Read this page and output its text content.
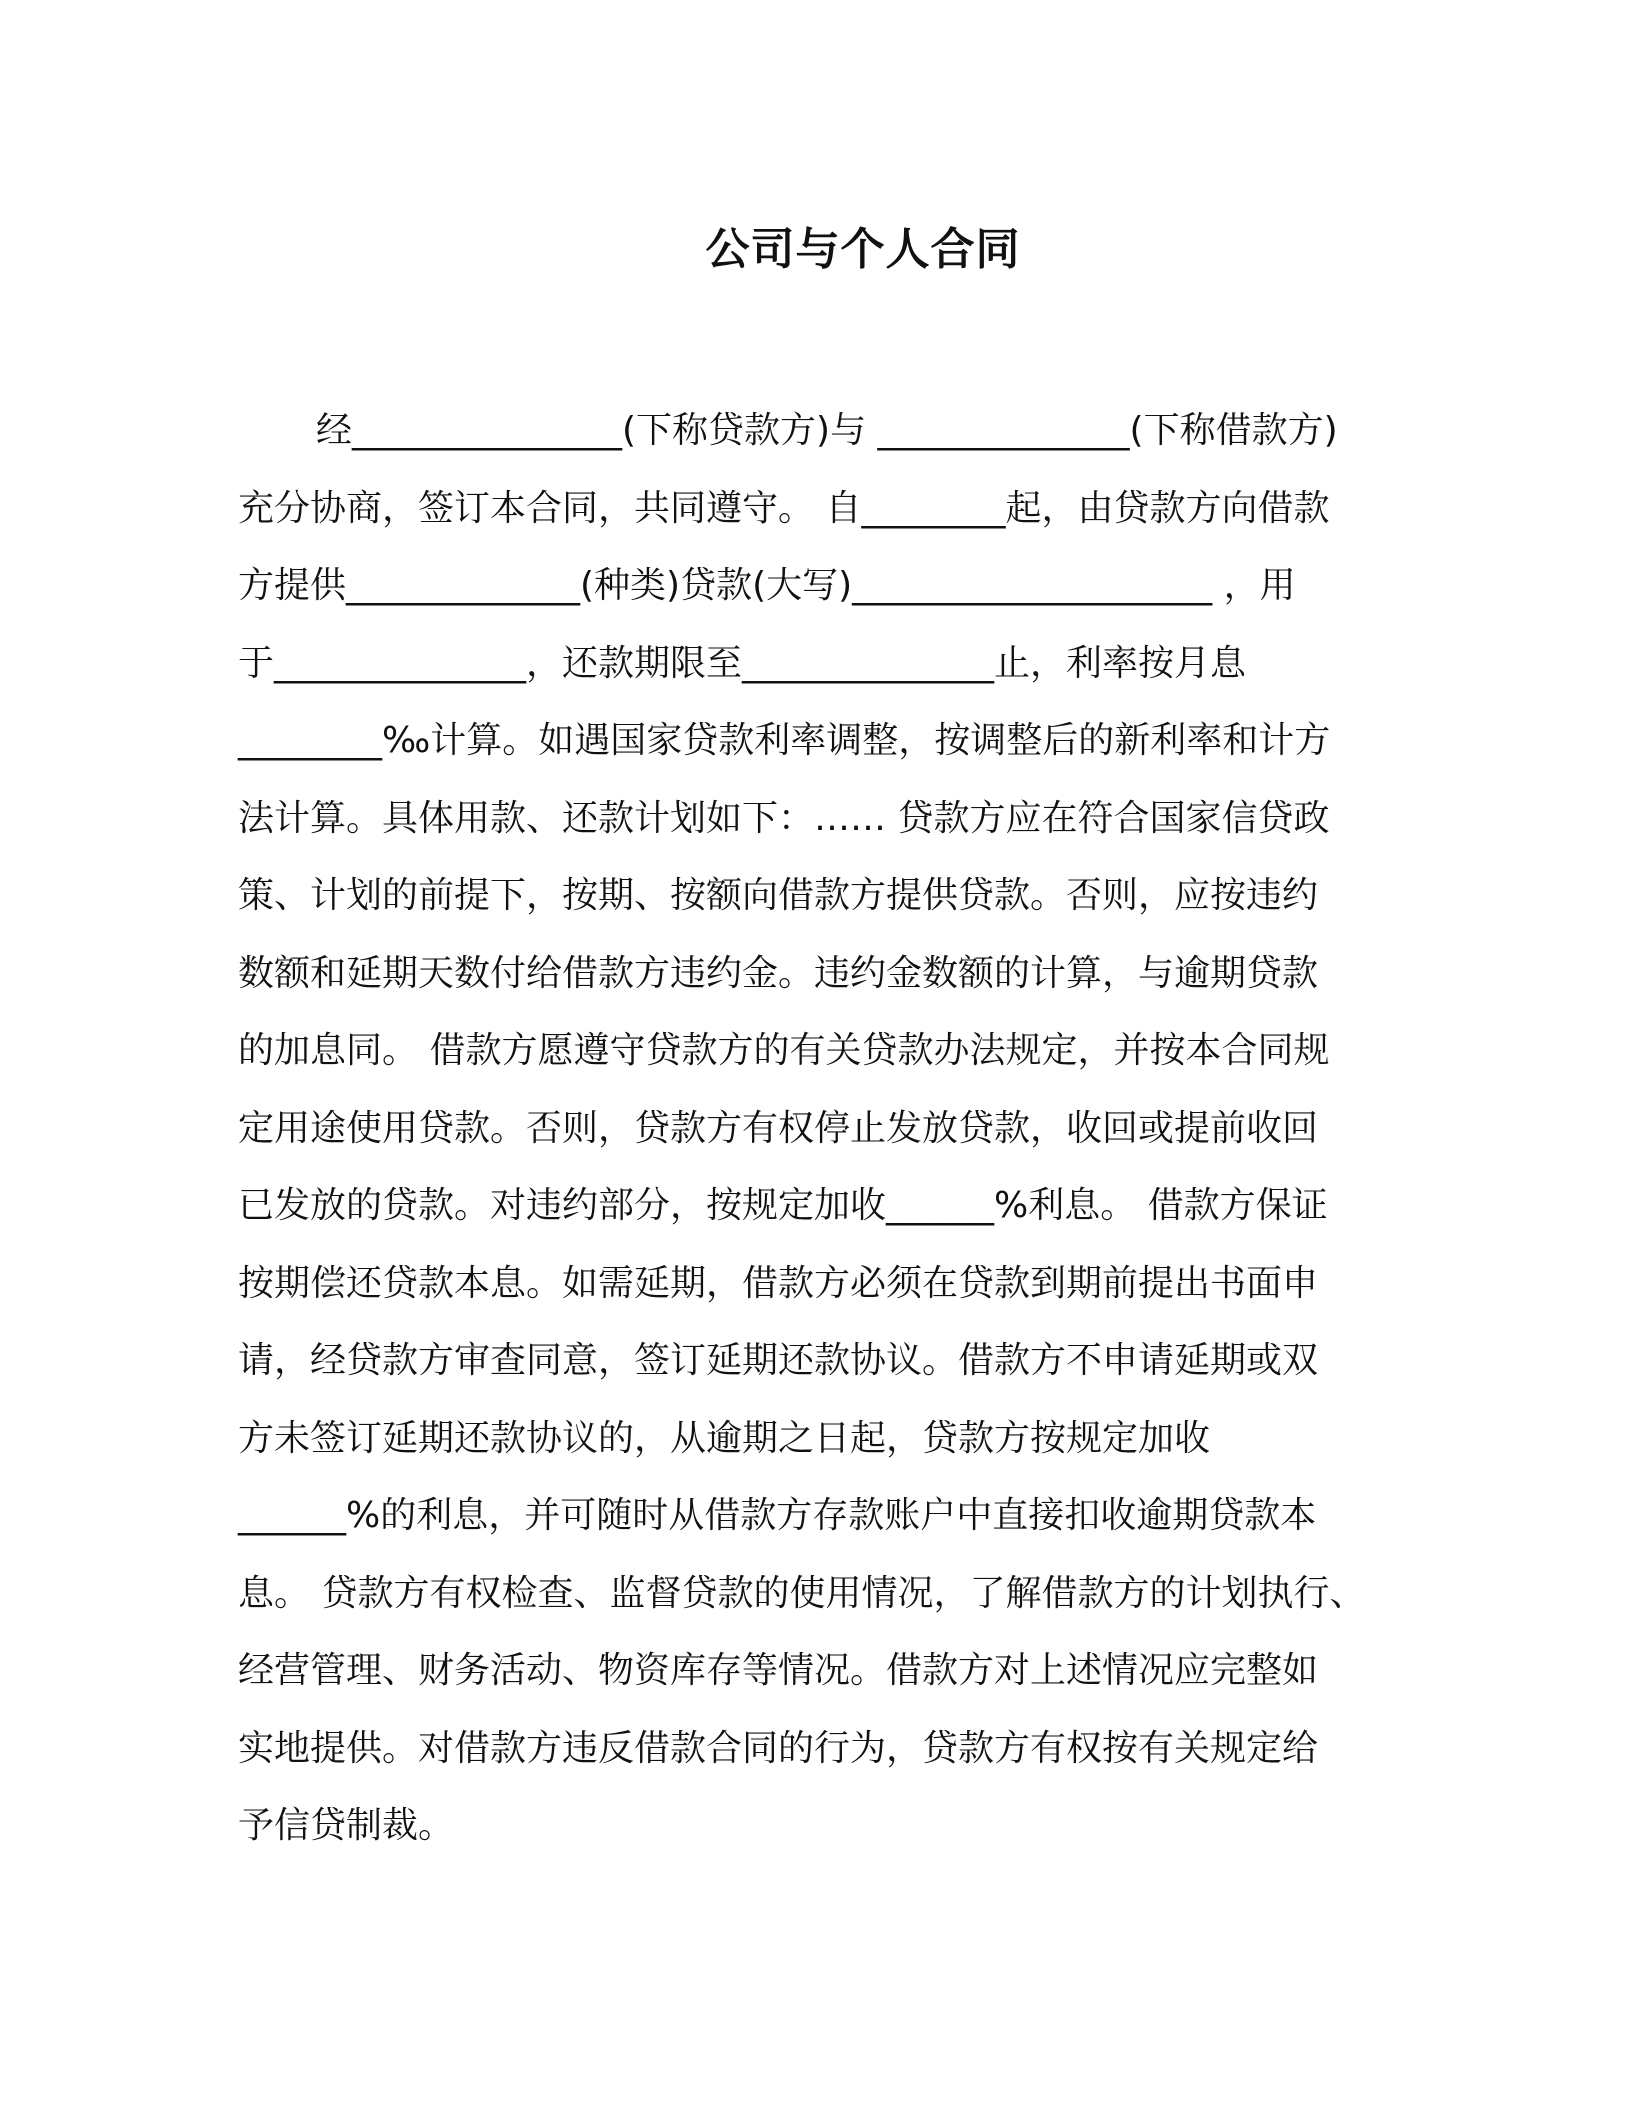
公司与个人合同
经_______________(下称贷款方)与 ______________(下称借款方)
充分协商，签订本合同，共同遵守。 自________起，由贷款方向借款
方提供_____________(种类)贷款(大写)____________________ ，用
于______________，还款期限至______________止，利率按月息
________‰计算。如遇国家贷款利率调整，按调整后的新利率和计方
法计算。具体用款、还款计划如下：…… 贷款方应在符合国家信贷政
策、计划的前提下，按期、按额向借款方提供贷款。否则，应按违约
数额和延期天数付给借款方违约金。违约金数额的计算，与逾期贷款
的加息同。 借款方愿遵守贷款方的有关贷款办法规定，并按本合同规
定用途使用贷款。否则，贷款方有权停止发放贷款，收回或提前收回
已发放的贷款。对违约部分，按规定加收______%利息。 借款方保证
按期偿还贷款本息。如需延期，借款方必须在贷款到期前提出书面申
请，经贷款方审查同意，签订延期还款协议。借款方不申请延期或双
方未签订延期还款协议的，从逾期之日起，贷款方按规定加收
______%的利息，并可随时从借款方存款账户中直接扣收逾期贷款本
息。 贷款方有权检查、监督贷款的使用情况，了解借款方的计划执行、
经营管理、财务活动、物资库存等情况。借款方对上述情况应完整如
实地提供。对借款方违反借款合同的行为，贷款方有权按有关规定给
予信贷制裁。
